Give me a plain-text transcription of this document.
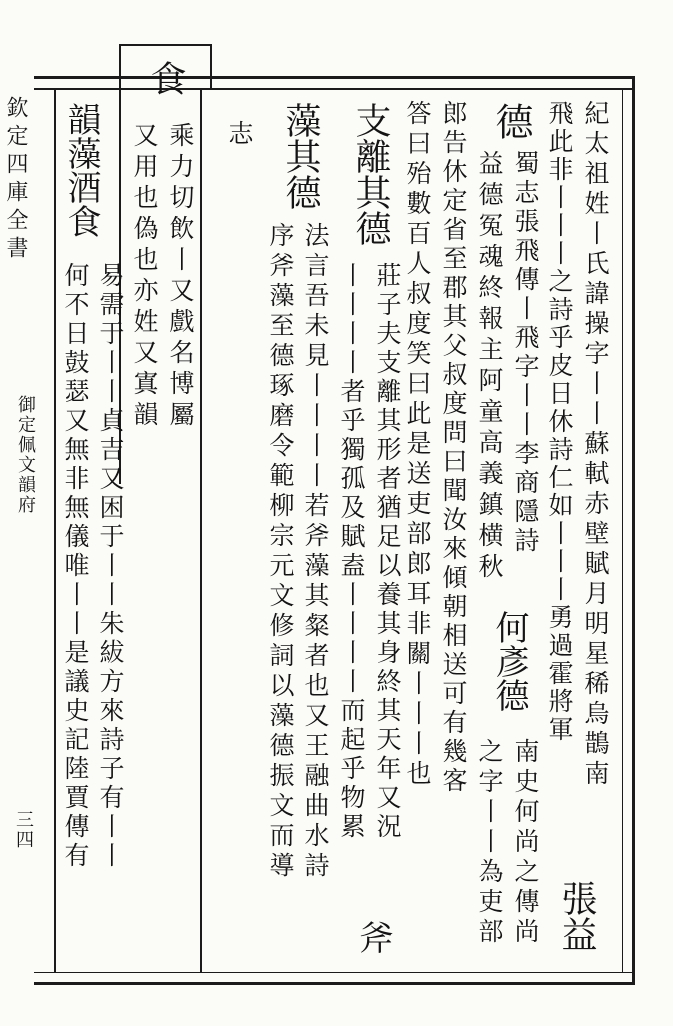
欽定四庫全書
御定佩文韻府
三四
紀太祖姓丨氏諱操字丨丨蘇軾赤壁賦月明星稀烏鵲南
飛此非丨丨丨之詩乎皮日休詩仁如丨丨丨勇過霍將軍
張益
德
蜀志張飛傳丨飛字丨丨李商隱詩
何彥德
南史何尚之傳尚
益德冤魂終報主阿童高義鎮横秋
之字丨丨為吏部
郎告休定省至郡其父叔度問曰聞汝來傾朝相送可有幾客
答曰殆數百人叔度笑曰此是送吏部郎耳非關丨丨丨也
支離其德
莊子夫支離其形者猶足以養其身終其天年又況
丨丨丨丨者乎獨孤及賦盍丨丨丨丨而起乎物累
斧
藻其德
法言吾未見丨丨丨丨若斧藻其粲者也又王融曲水詩
序斧藻至德琢磨令範柳宗元文修詞以藻德振文而導
志
食
乘力切飲丨又戲名博屬
又用也偽也亦姓又寘韻
韻藻酒食
易需于丨丨貞吉又困于丨丨朱紱方來詩子有丨丨
何不日鼓瑟又無非無儀唯丨丨是議史記陸賈傳有
